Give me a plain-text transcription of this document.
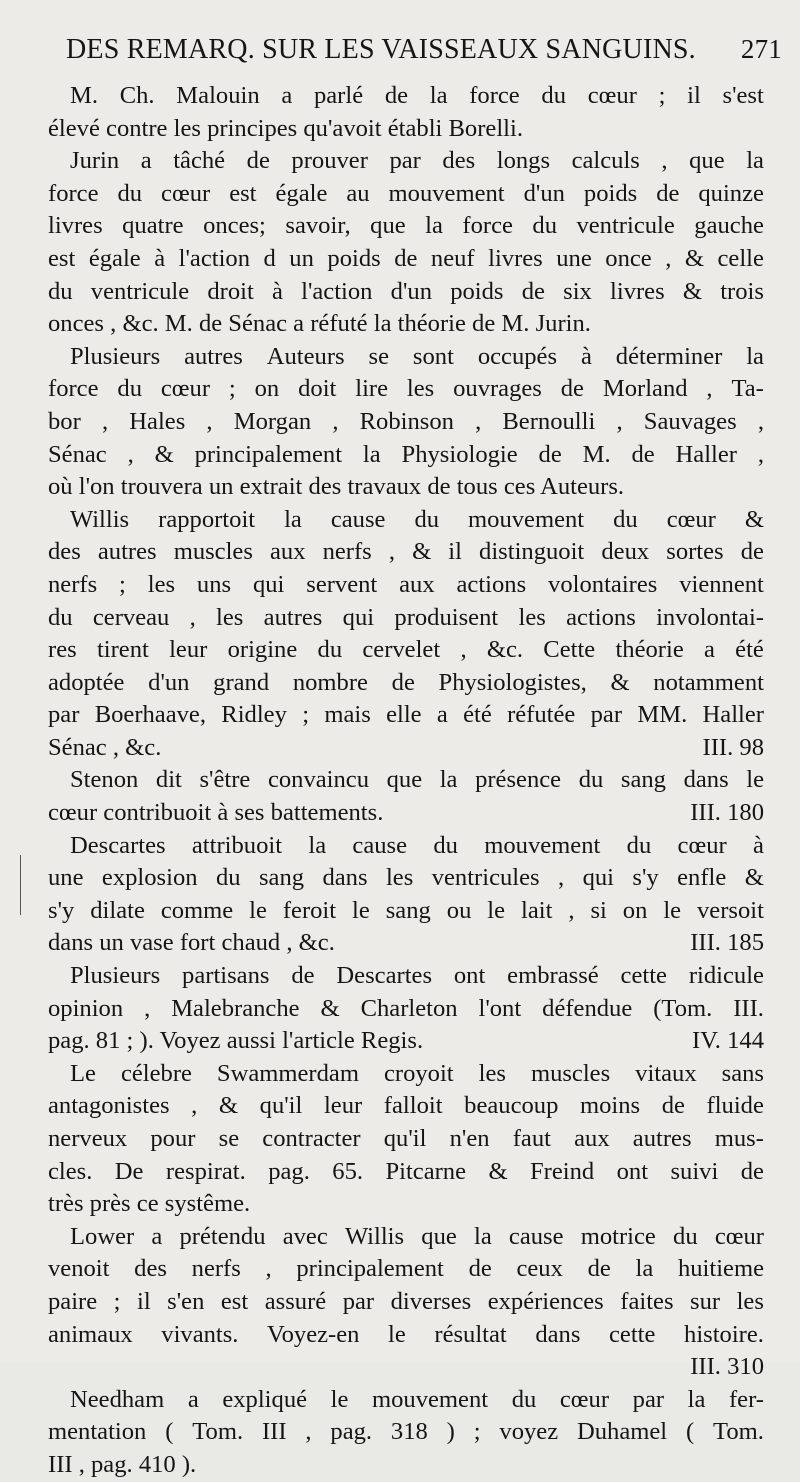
DES REMARQ. SUR LES VAISSEAUX SANGUINS. 271
M. Ch. Malouin a parlé de la force du cœur ; il s'est
élevé contre les principes qu'avoit établi Borelli.
Jurin a tâché de prouver par des longs calculs , que la
force du cœur est égale au mouvement d'un poids de quinze
livres quatre onces; savoir, que la force du ventricule gauche
est égale à l'action d un poids de neuf livres une once , & celle
du ventricule droit à l'action d'un poids de six livres & trois
onces , &c. M. de Sénac a réfuté la théorie de M. Jurin.
Plusieurs autres Auteurs se sont occupés à déterminer la
force du cœur ; on doit lire les ouvrages de Morland , Ta-
bor , Hales , Morgan , Robinson , Bernoulli , Sauvages ,
Sénac , & principalement la Physiologie de M. de Haller ,
où l'on trouvera un extrait des travaux de tous ces Auteurs.
Willis rapportoit la cause du mouvement du cœur &
des autres muscles aux nerfs , & il distinguoit deux sortes de
nerfs ; les uns qui servent aux actions volontaires viennent
du cerveau , les autres qui produisent les actions involontai-
res tirent leur origine du cervelet , &c. Cette théorie a été
adoptée d'un grand nombre de Physiologistes, & notamment
par Boerhaave, Ridley ; mais elle a été réfutée par MM. Haller
Sénac , &c.	III. 98
Stenon dit s'être convaincu que la présence du sang dans le
cœur contribuoit à ses battements.	III. 180
Descartes attribuoit la cause du mouvement du cœur à
une explosion du sang dans les ventricules , qui s'y enfle &
s'y dilate comme le feroit le sang ou le lait , si on le versoit
dans un vase fort chaud , &c.	III. 185
Plusieurs partisans de Descartes ont embrassé cette ridicule
opinion , Malebranche & Charleton l'ont défendue (Tom. III.
pag. 81 ; ). Voyez aussi l'article Regis.	IV. 144
Le célebre Swammerdam croyoit les muscles vitaux sans
antagonistes , & qu'il leur falloit beaucoup moins de fluide
nerveux pour se contracter qu'il n'en faut aux autres mus-
cles. De respirat. pag. 65. Pitcarne & Freind ont suivi de
très près ce systême.
Lower a prétendu avec Willis que la cause motrice du cœur
venoit des nerfs , principalement de ceux de la huitieme
paire ; il s'en est assuré par diverses expériences faites sur les
animaux vivants. Voyez-en le résultat dans cette histoire.
III. 310
Needham a expliqué le mouvement du cœur par la fer-
mentation ( Tom. III , pag. 318 ) ; voyez Duhamel ( Tom.
III , pag. 410 ).
